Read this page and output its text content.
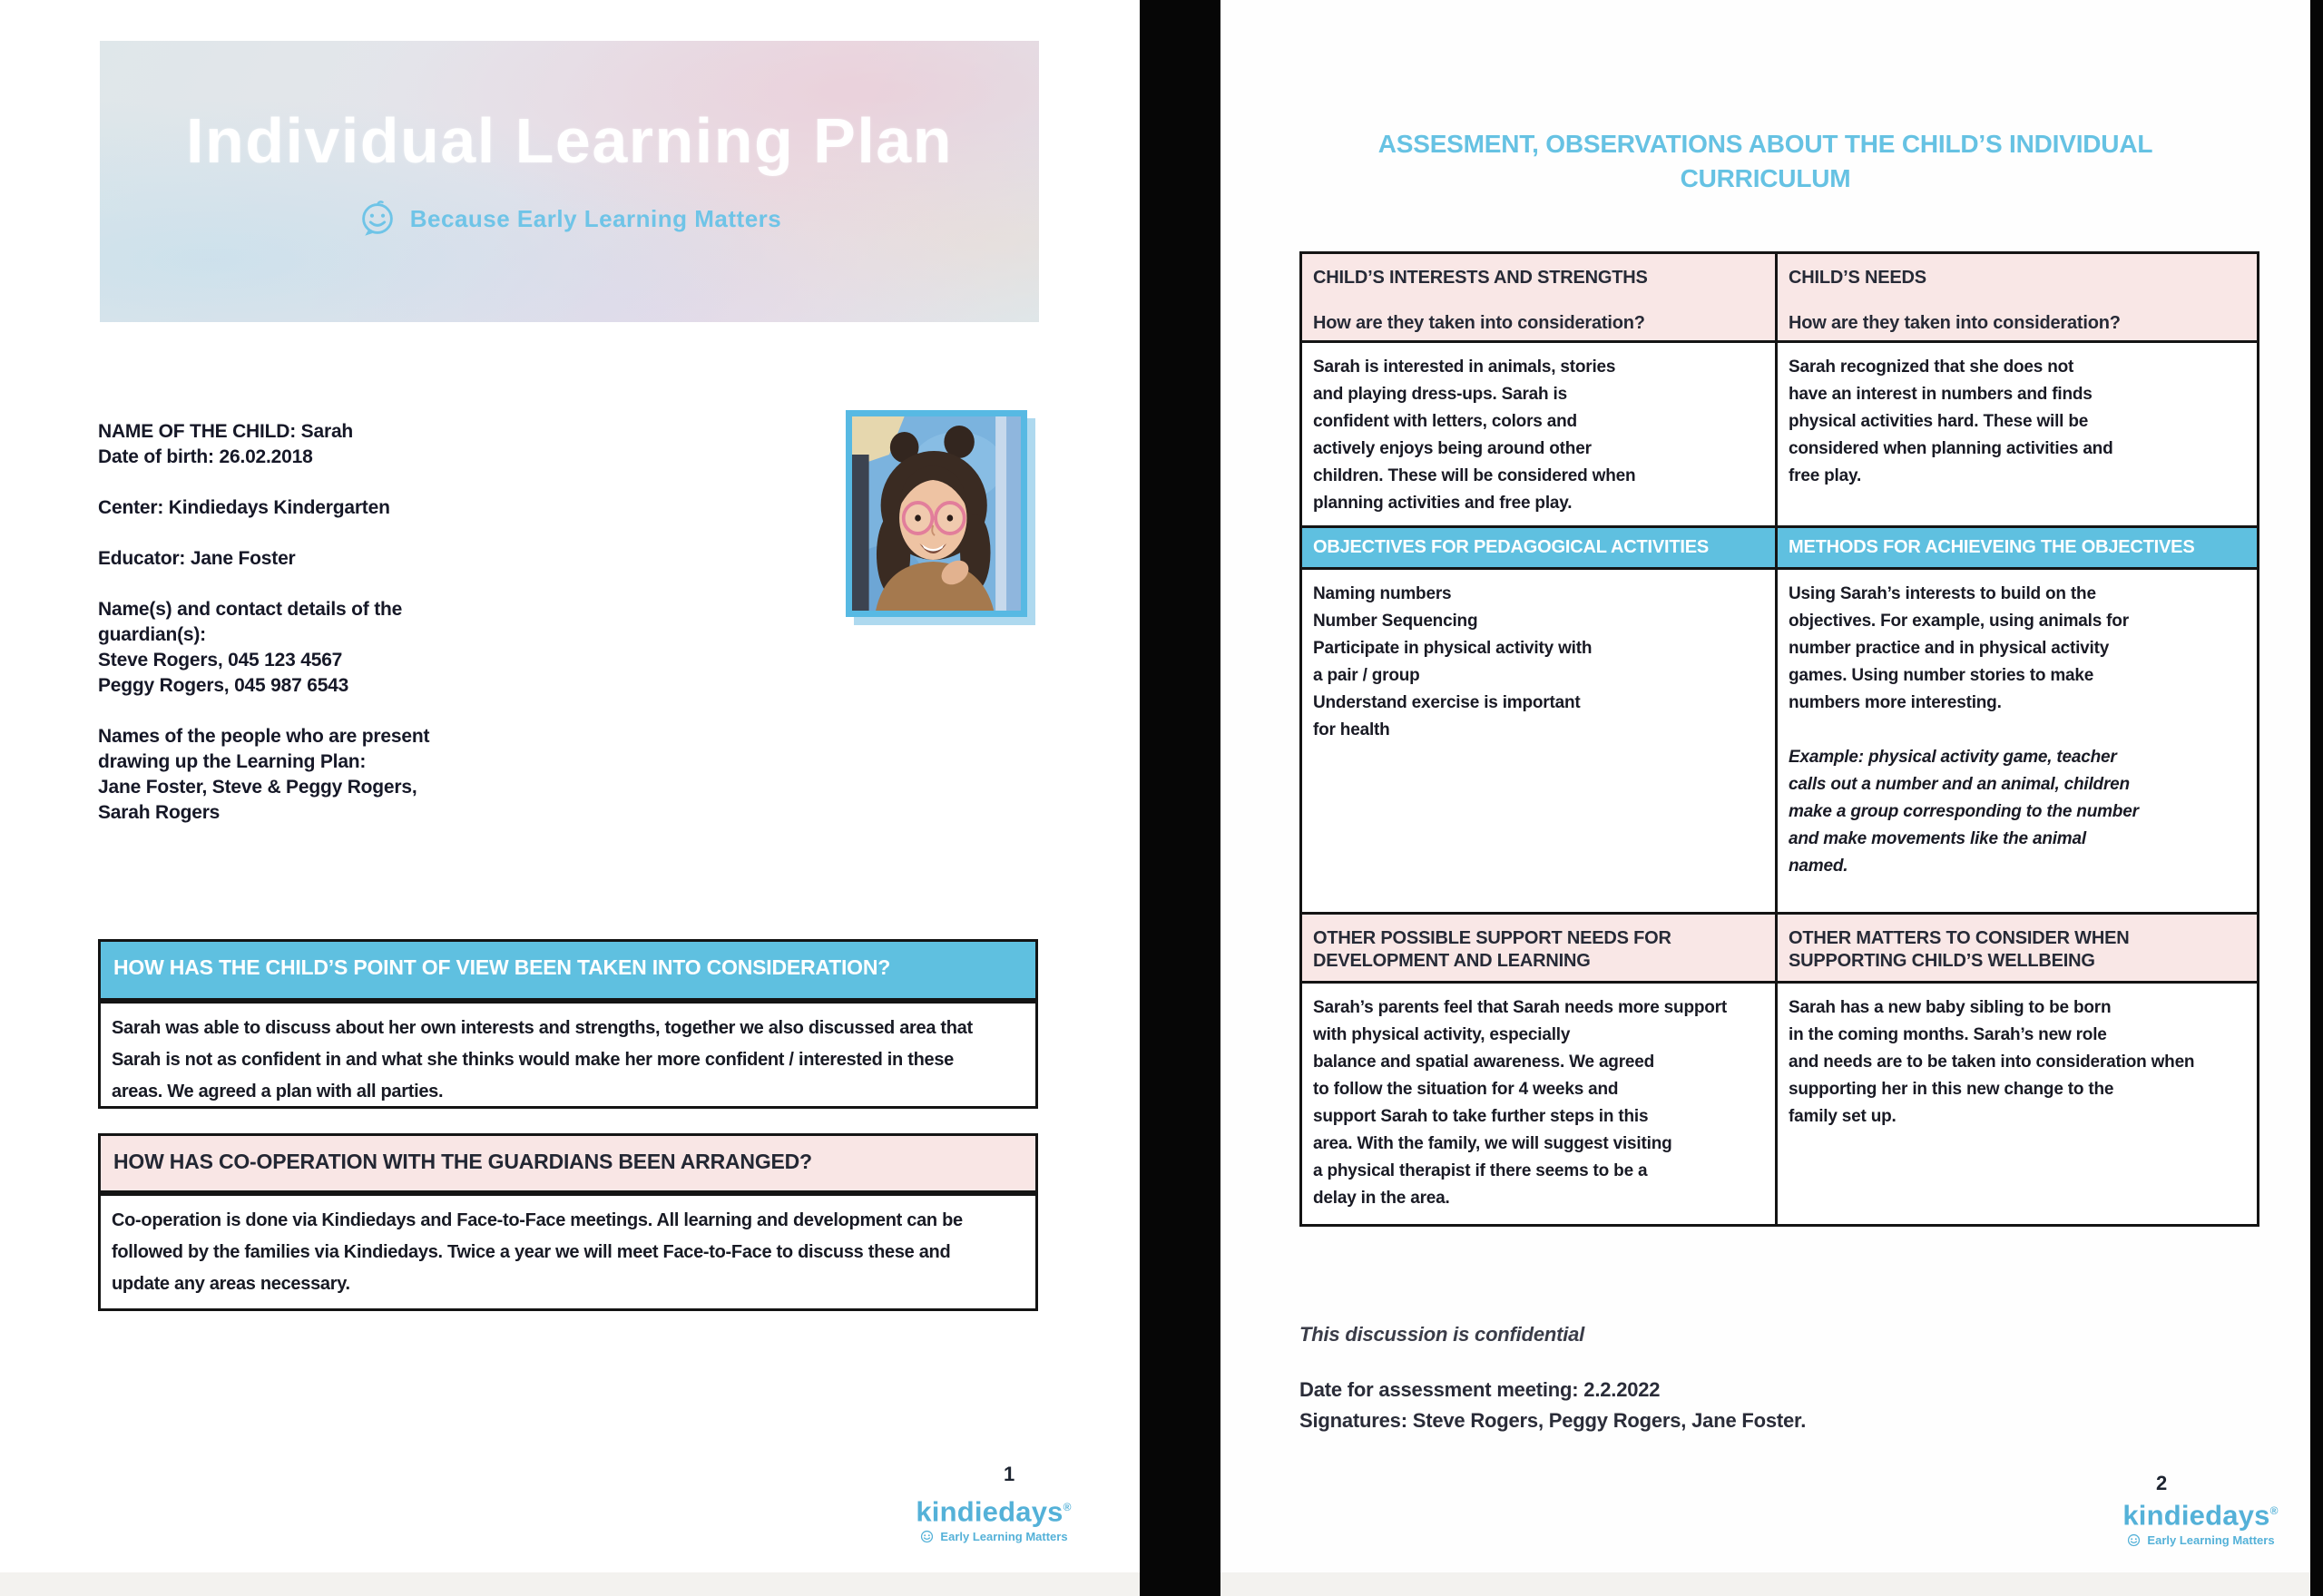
Individual Learning Plan
Because Early Learning Matters
NAME OF THE CHILD: Sarah
Date of birth: 26.02.2018
Center: Kindiedays Kindergarten
Educator: Jane Foster
Name(s) and contact details of the
guardian(s):
Steve Rogers, 045 123 4567
Peggy Rogers, 045 987 6543
Names of the people who are present
drawing up the Learning Plan:
Jane Foster, Steve & Peggy Rogers,
Sarah Rogers
HOW HAS THE CHILD’S POINT OF VIEW BEEN TAKEN INTO CONSIDERATION?
Sarah was able to discuss about her own interests and strengths, together we also discussed area that
Sarah is not as confident in and what she thinks would make her more confident / interested in these
areas. We agreed a plan with all parties.
HOW HAS CO-OPERATION WITH THE GUARDIANS BEEN ARRANGED?
Co-operation is done via Kindiedays and Face-to-Face meetings. All learning and development can be
followed by the families via Kindiedays. Twice a year we will meet Face-to-Face to discuss these and
update any areas necessary.
1
kindiedays®
Early Learning Matters
ASSESMENT, OBSERVATIONS ABOUT THE CHILD’S INDIVIDUAL
CURRICULUM
CHILD’S INTERESTS AND STRENGTHS

How are they taken into consideration?
CHILD’S NEEDS

How are they taken into consideration?
Sarah is interested in animals, stories
and playing dress-ups. Sarah is
confident with letters, colors and
actively enjoys being around other
children. These will be considered when
planning activities and free play.
Sarah recognized that she does not
have an interest in numbers and finds
physical activities hard. These will be
considered when planning activities and
free play.
OBJECTIVES FOR PEDAGOGICAL ACTIVITIES	METHODS FOR ACHIEVEING THE OBJECTIVES
Naming numbers
Number Sequencing
Participate in physical activity with
a pair / group
Understand exercise is important
for health
Using Sarah’s interests to build on the
objectives. For example, using animals for
number practice and in physical activity
games. Using number stories to make
numbers more interesting.
Example: physical activity game, teacher
calls out a number and an animal, children
make a group corresponding to the number
and make movements like the animal
named.
OTHER POSSIBLE SUPPORT NEEDS FOR
DEVELOPMENT AND LEARNING
OTHER MATTERS TO CONSIDER WHEN
SUPPORTING CHILD’S WELLBEING
Sarah’s parents feel that Sarah needs more support
with physical activity, especially
balance and spatial awareness. We agreed
to follow the situation for 4 weeks and
support Sarah to take further steps in this
area. With the family, we will suggest visiting
a physical therapist if there seems to be a
delay in the area.
Sarah has a new baby sibling to be born
in the coming months. Sarah’s new role
and needs are to be taken into consideration when
supporting her in this new change to the
family set up.
This discussion is confidential
Date for assessment meeting: 2.2.2022
Signatures: Steve Rogers, Peggy Rogers, Jane Foster.
2
kindiedays®
Early Learning Matters
